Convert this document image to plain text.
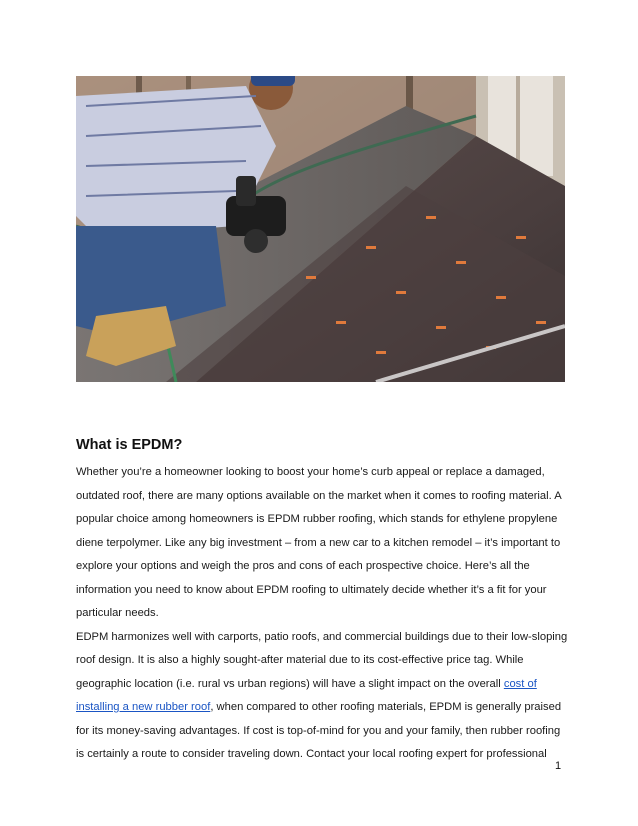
What is EPDM?

Whether you’re a homeowner looking to boost your home’s curb appeal or replace a damaged, outdated roof, there are many options available on the market when it comes to roofing material. A popular choice among homeowners is EPDM rubber roofing, which stands for ethylene propylene diene terpolymer. Like any big investment – from a new car to a kitchen remodel – it’s important to explore your options and weigh the pros and cons of each prospective choice. Here’s all the information you need to know about EPDM roofing to ultimately decide whether it’s a fit for your particular needs.

EDPM harmonizes well with carports, patio roofs, and commercial buildings due to their low-sloping roof design. It is also a highly sought-after material due to its cost-effective price tag. While geographic location (i.e. rural vs urban regions) will have a slight impact on the overall cost of installing a new rubber roof, when compared to other roofing materials, EPDM is generally praised for its money-saving advantages. If cost is top-of-mind for you and your family, then rubber roofing is certainly a route to consider traveling down. Contact your local roofing expert for professional

1
